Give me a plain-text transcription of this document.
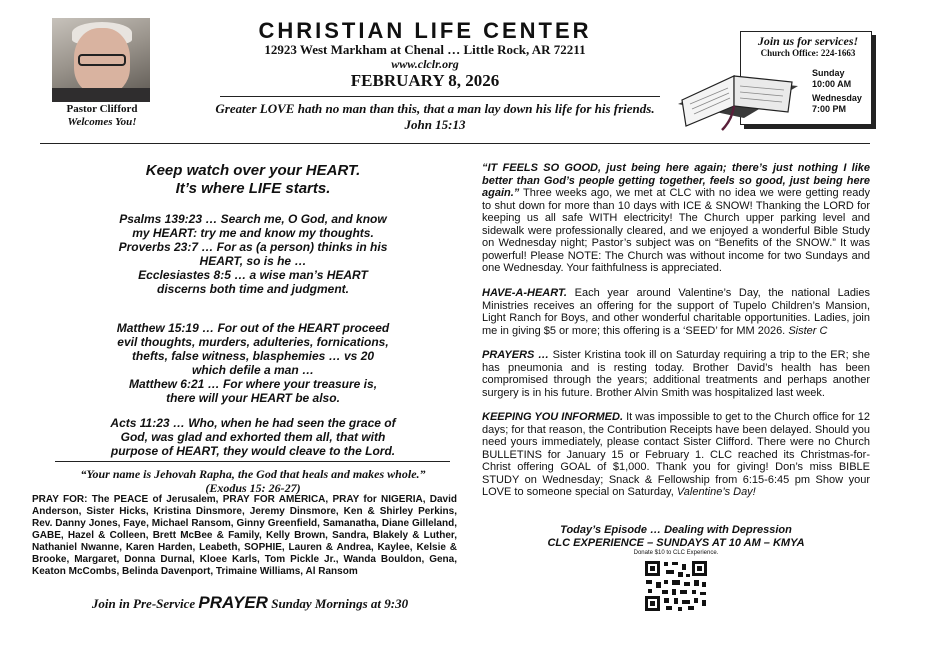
Pastor Clifford
Welcomes You!
CHRISTIAN LIFE CENTER
12923 West Markham at Chenal … Little Rock, AR 72211
www.clclr.org
FEBRUARY 8, 2026
Greater LOVE hath no man than this, that a man lay down his life for his friends.
John 15:13
Join us for services!
Church Office: 224-1663
Sunday
10:00 AM
Wednesday
7:00 PM
Keep watch over your HEART.
It’s where LIFE starts.
Psalms 139:23 … Search me, O God, and know
my HEART: try me and know my thoughts.
Proverbs 23:7 … For as (a person) thinks in his
HEART, so is he …
Ecclesiastes 8:5 … a wise man’s HEART
discerns both time and judgment.
Matthew 15:19 … For out of the HEART proceed
evil thoughts, murders, adulteries, fornications,
thefts, false witness, blasphemies … vs 20
which defile a man …
Matthew 6:21 … For where your treasure is,
there will your HEART be also.
Acts 11:23 … Who, when he had seen the grace of
God, was glad and exhorted them all, that with
purpose of HEART, they would cleave to the Lord.
“Your name is Jehovah Rapha, the God that heals and makes whole.”
(Exodus 15: 26-27)
PRAY FOR: The PEACE of Jerusalem, PRAY FOR AMERICA, PRAY for NIGERIA, David Anderson, Sister Hicks, Kristina Dinsmore, Jeremy Dinsmore, Ken & Shirley Perkins, Rev. Danny Jones, Faye, Michael Ransom, Ginny Greenfield, Samanatha, Diane Gilleland, GABE, Hazel & Colleen, Brett McBee & Family, Kelly Brown, Sandra, Blakely & Luther, Nathaniel Nwanne, Karen Harden, Leabeth, SOPHIE, Lauren & Andrea, Kaylee, Kelsie & Brooke, Margaret, Donna Durnal, Kloee Karls, Tom Pickle Jr., Wanda Bouldon, Gena, Keaton McCombs, Belinda Davenport, Trimaine Williams, Al Ransom
Join in Pre-Service PRAYER Sunday Mornings at 9:30
“IT FEELS SO GOOD, just being here again; there’s just nothing I like better than God’s people getting together, feels so good, just being here again.” Three weeks ago, we met at CLC with no idea we were getting ready to shut down for more than 10 days with ICE & SNOW! Thanking the LORD for keeping us all safe WITH electricity! The Church upper parking level and sidewalk were professionally cleared, and we enjoyed a wonderful Bible Study on Wednesday night; Pastor’s subject was on “Benefits of the SNOW.” It was powerful! Please NOTE: The Church was without income for two Sundays and one Wednesday. Your faithfulness is appreciated.
HAVE-A-HEART. Each year around Valentine’s Day, the national Ladies Ministries receives an offering for the support of Tupelo Children’s Mansion, Light Ranch for Boys, and other wonderful charitable opportunities. Ladies, join me in giving $5 or more; this offering is a ‘SEED’ for MM 2026. Sister C
PRAYERS … Sister Kristina took ill on Saturday requiring a trip to the ER; she has pneumonia and is resting today. Brother David’s health has been compromised through the years; additional treatments and perhaps another surgery is in his future. Brother Alvin Smith was hospitalized last week.
KEEPING YOU INFORMED. It was impossible to get to the Church office for 12 days; for that reason, the Contribution Receipts have been delayed. Should you need yours immediately, please contact Sister Clifford. There were no Church BULLETINS for January 15 or February 1. CLC reached its Christmas-for-Christ offering GOAL of $1,000. Thank you for giving! Don’s miss BIBLE STUDY on Wednesday; Snack & Fellowship from 6:15-6:45 pm Show your LOVE to someone special on Saturday, Valentine’s Day!
Today’s Episode … Dealing with Depression
CLC EXPERIENCE – SUNDAYS AT 10 AM – KMYA
Donate $10 to CLC Experience.
